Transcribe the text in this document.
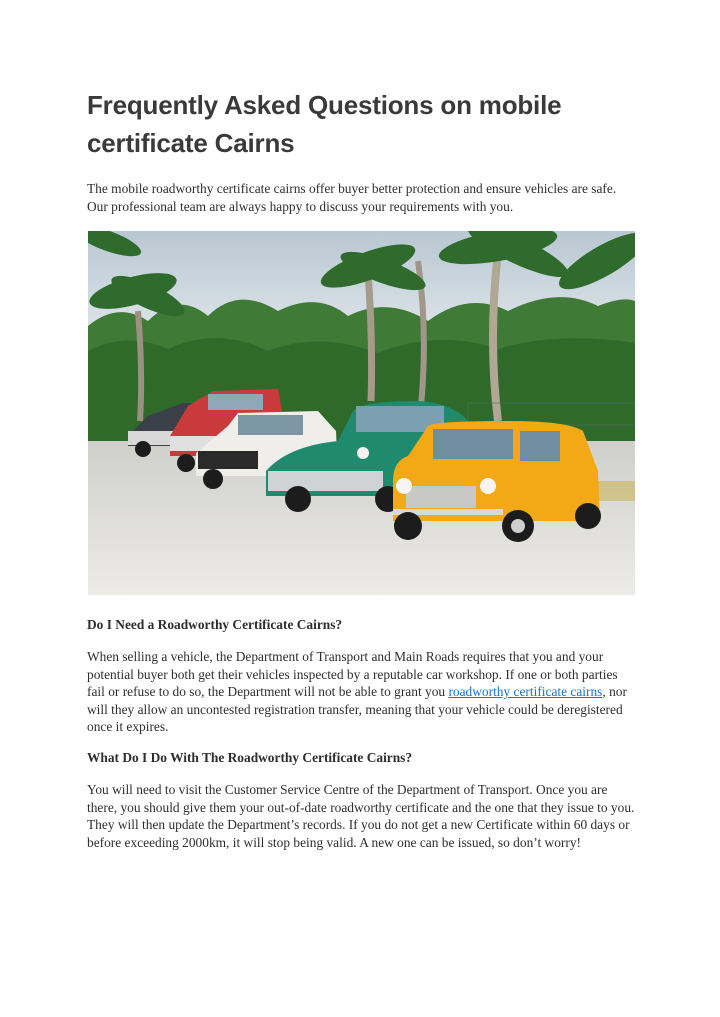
Frequently Asked Questions on mobile certificate Cairns

The mobile roadworthy certificate cairns offer buyer better protection and ensure vehicles are safe. Our professional team are always happy to discuss your requirements with you.

Do I Need a Roadworthy Certificate Cairns?

When selling a vehicle, the Department of Transport and Main Roads requires that you and your potential buyer both get their vehicles inspected by a reputable car workshop. If one or both parties fail or refuse to do so, the Department will not be able to grant you roadworthy certificate cairns, nor will they allow an uncontested registration transfer, meaning that your vehicle could be deregistered once it expires.

What Do I Do With The Roadworthy Certificate Cairns?

You will need to visit the Customer Service Centre of the Department of Transport. Once you are there, you should give them your out-of-date roadworthy certificate and the one that they issue to you. They will then update the Department’s records. If you do not get a new Certificate within 60 days or before exceeding 2000km, it will stop being valid. A new one can be issued, so don’t worry!
